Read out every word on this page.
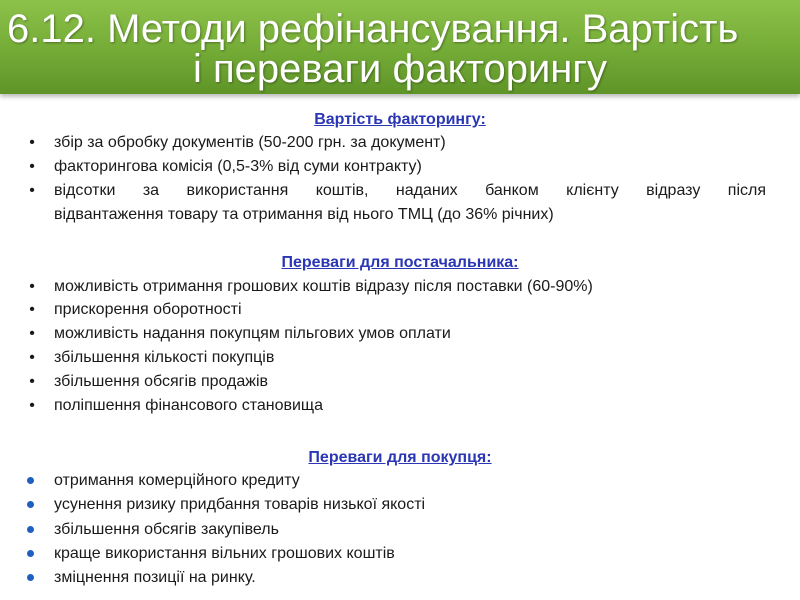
6.12. Методи рефінансування. Вартість
і переваги факторингу
Вартість факторингу:
• збір за обробку документів (50-200 грн. за документ)
• факторингова комісія (0,5-3% від суми контракту)
• відсотки за використання коштів, наданих банком клієнту відразу після
відвантаження товару та отримання від нього ТМЦ (до 36% річних)
Переваги для постачальника:
• можливість отримання грошових коштів відразу після поставки (60-90%)
• прискорення оборотності
• можливість надання покупцям пільгових умов оплати
• збільшення кількості покупців
• збільшення обсягів продажів
• поліпшення фінансового становища
Переваги для покупця:
отримання комерційного кредиту
усунення ризику придбання товарів низької якості
збільшення обсягів закупівель
краще використання вільних грошових коштів
зміцнення позиції на ринку.
